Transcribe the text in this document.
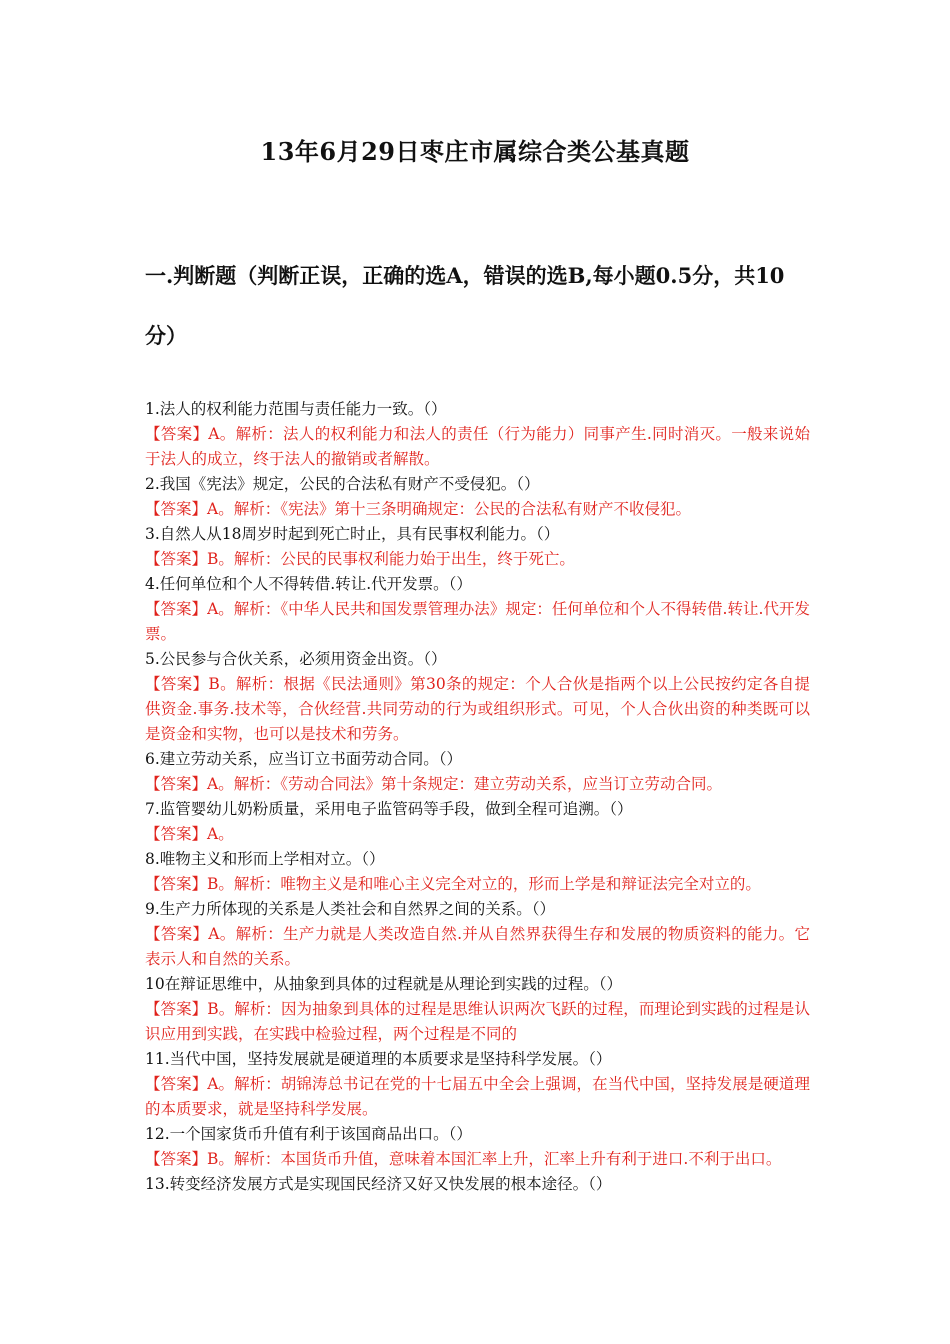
13年6月29日枣庄市属综合类公基真题
一.判断题（判断正误，正确的选A，错误的选B,每小题0.5分，共10分）
1.法人的权利能力范围与责任能力一致。（）
【答案】A。解析：法人的权利能力和法人的责任（行为能力）同事产生.同时消灭。一般来说始于法人的成立，终于法人的撤销或者解散。
2.我国《宪法》规定，公民的合法私有财产不受侵犯。（）
【答案】A。解析：《宪法》第十三条明确规定：公民的合法私有财产不收侵犯。
3.自然人从18周岁时起到死亡时止，具有民事权利能力。（）
【答案】B。解析：公民的民事权利能力始于出生，终于死亡。
4.任何单位和个人不得转借.转让.代开发票。（）
【答案】A。解析：《中华人民共和国发票管理办法》规定：任何单位和个人不得转借.转让.代开发票。
5.公民参与合伙关系，必须用资金出资。（）
【答案】B。解析：根据《民法通则》第30条的规定：个人合伙是指两个以上公民按约定各自提供资金.事务.技术等，合伙经营.共同劳动的行为或组织形式。可见，个人合伙出资的种类既可以是资金和实物，也可以是技术和劳务。
6.建立劳动关系，应当订立书面劳动合同。（）
【答案】A。解析：《劳动合同法》第十条规定：建立劳动关系，应当订立劳动合同。
7.监管婴幼儿奶粉质量，采用电子监管码等手段，做到全程可追溯。（）
【答案】A。
8.唯物主义和形而上学相对立。（）
【答案】B。解析：唯物主义是和唯心主义完全对立的，形而上学是和辩证法完全对立的。
9.生产力所体现的关系是人类社会和自然界之间的关系。（）
【答案】A。解析：生产力就是人类改造自然.并从自然界获得生存和发展的物质资料的能力。它表示人和自然的关系。
10在辩证思维中，从抽象到具体的过程就是从理论到实践的过程。（）
【答案】B。解析：因为抽象到具体的过程是思维认识两次飞跃的过程，而理论到实践的过程是认识应用到实践，在实践中检验过程，两个过程是不同的
11.当代中国，坚持发展就是硬道理的本质要求是坚持科学发展。（）
【答案】A。解析：胡锦涛总书记在党的十七届五中全会上强调，在当代中国，坚持发展是硬道理的本质要求，就是坚持科学发展。
12.一个国家货币升值有利于该国商品出口。（）
【答案】B。解析：本国货币升值，意味着本国汇率上升，汇率上升有利于进口.不利于出口。
13.转变经济发展方式是实现国民经济又好又快发展的根本途径。（）
